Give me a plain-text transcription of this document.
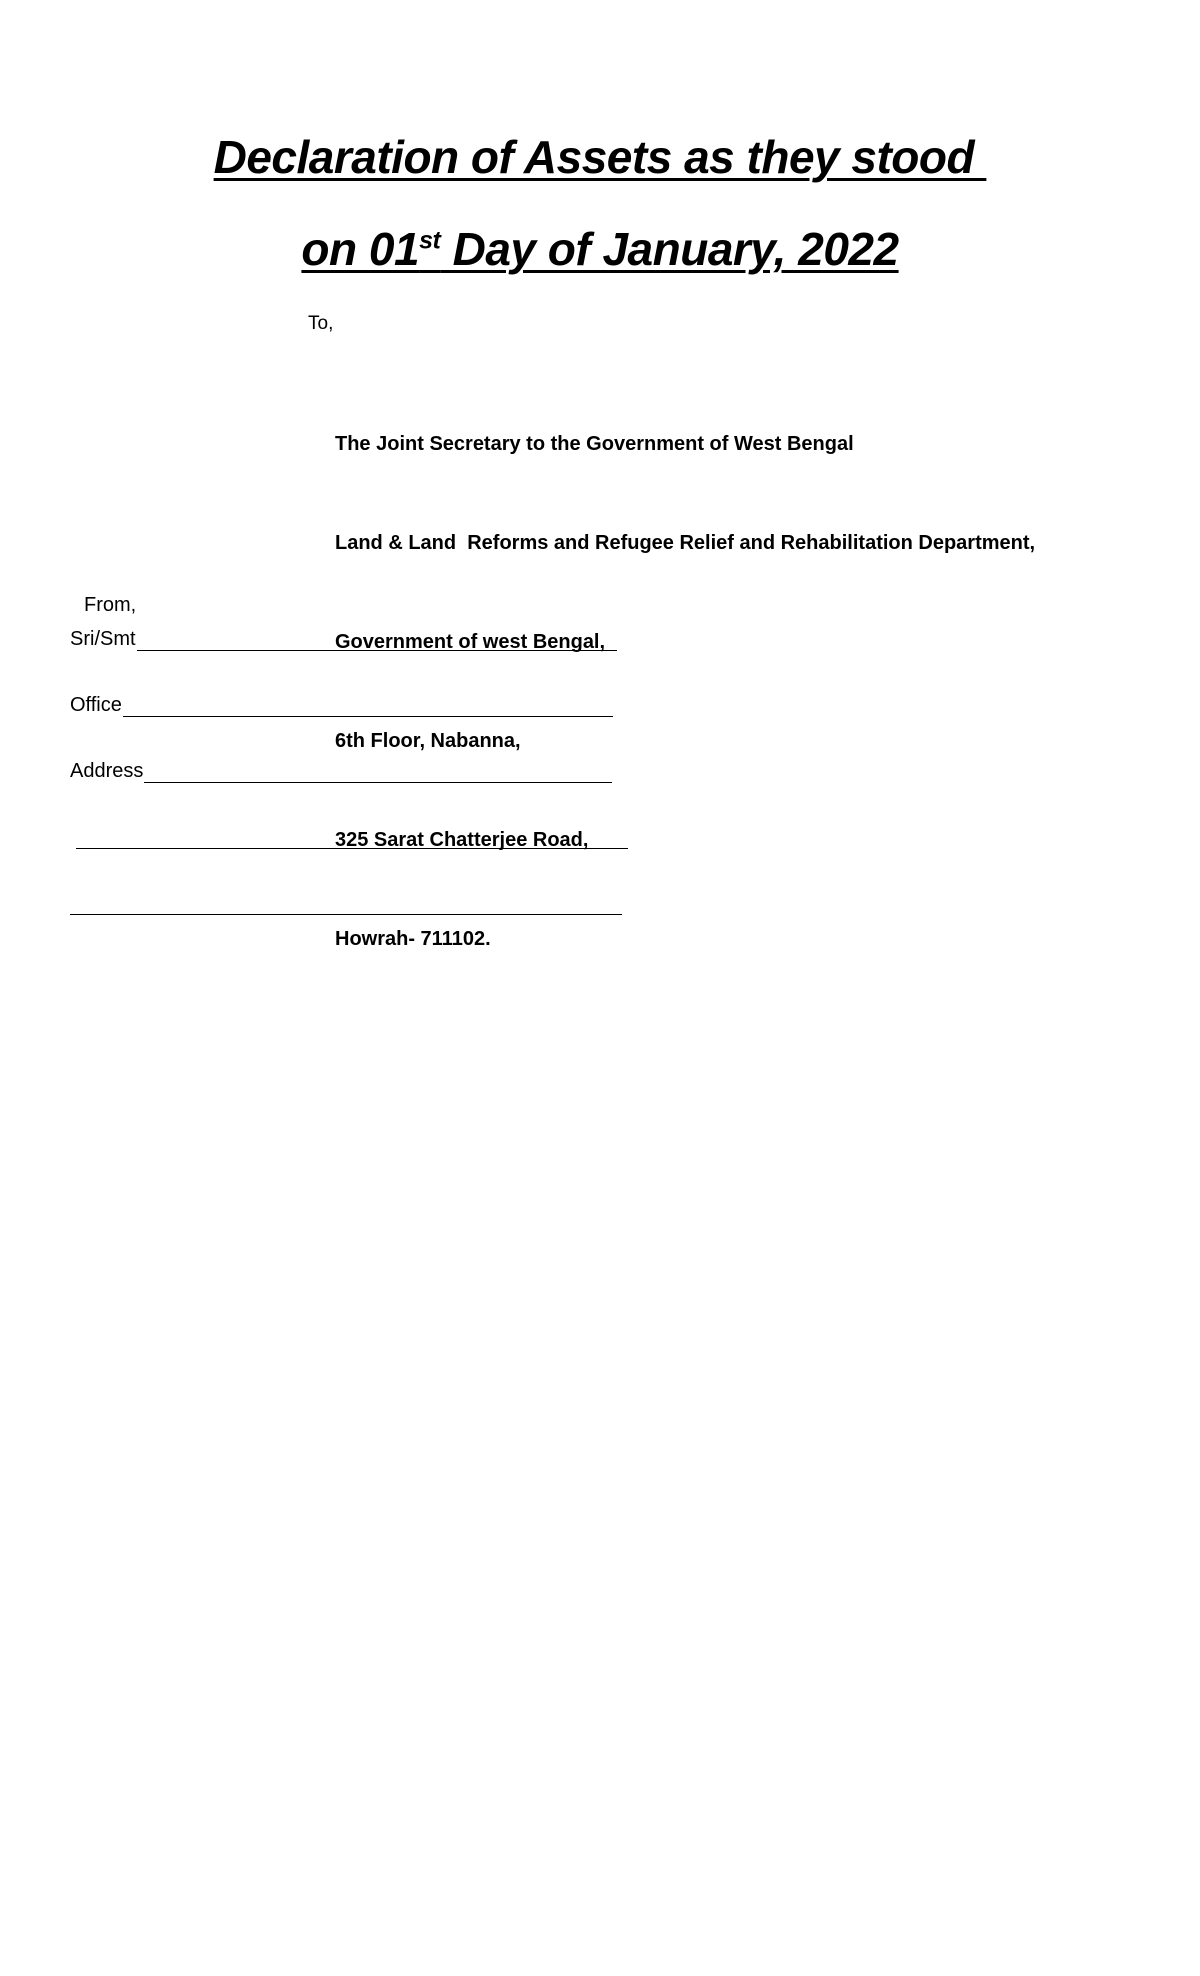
Declaration of Assets as they stood
on 01st Day of January, 2022
To,

The Joint Secretary to the Government of West Bengal

Land & Land  Reforms and Refugee Relief and Rehabilitation Department,

Government of west Bengal,

6th Floor, Nabanna,

325 Sarat Chatterjee Road,

Howrah- 711102.

From,
Sri/Smt
Office
Address
